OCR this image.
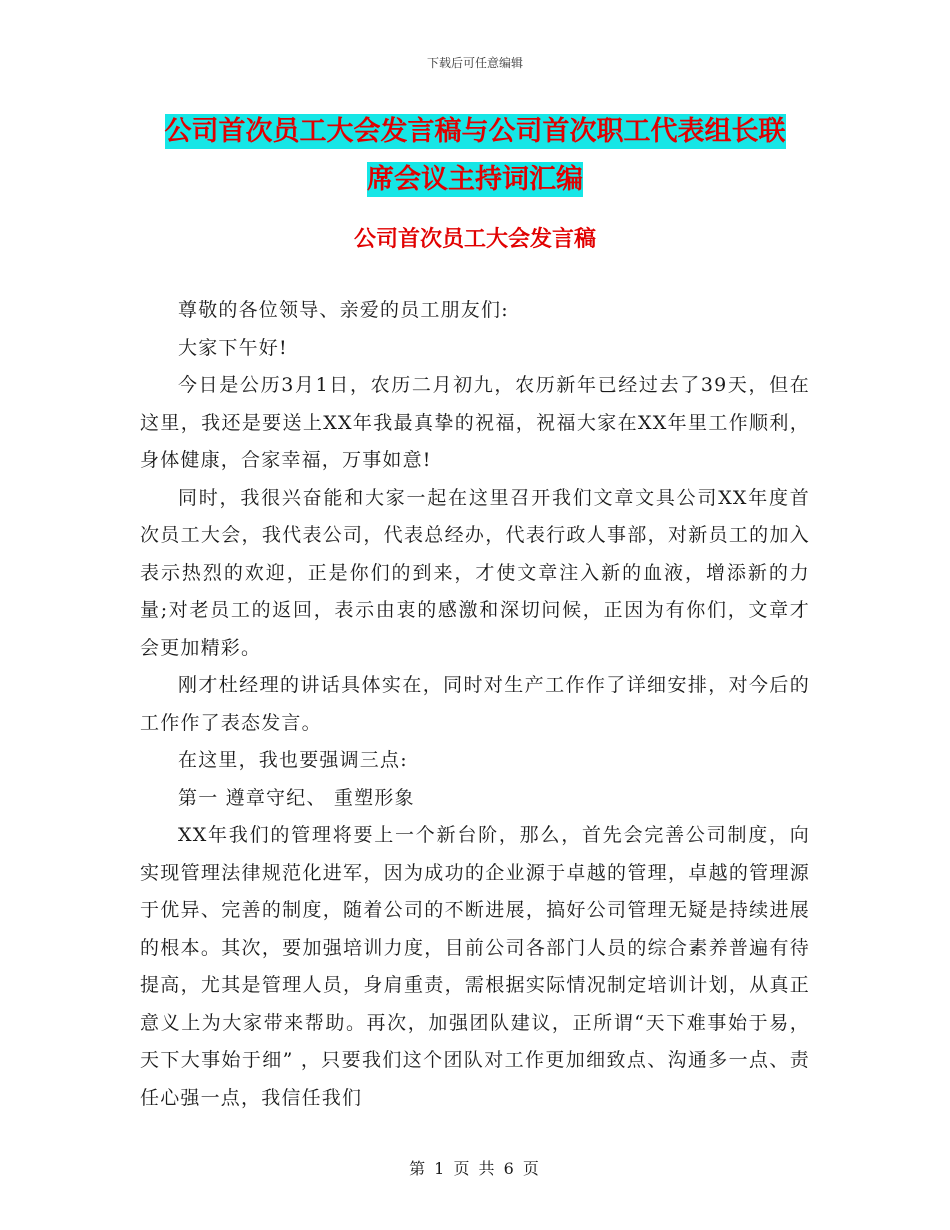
下载后可任意编辑
公司首次员工大会发言稿与公司首次职工代表组长联
席会议主持词汇编
公司首次员工大会发言稿

尊敬的各位领导、亲爱的员工朋友们:

大家下午好!

今日是公历3月1日，农历二月初九，农历新年已经过去了39天，但在这里，我还是要送上XX年我最真挚的祝福，祝福大家在XX年里工作顺利，身体健康，合家幸福，万事如意!

同时，我很兴奋能和大家一起在这里召开我们文章文具公司XX年度首次员工大会，我代表公司，代表总经办，代表行政人事部，对新员工的加入表示热烈的欢迎，正是你们的到来，才使文章注入新的血液，增添新的力量;对老员工的返回，表示由衷的感激和深切问候，正因为有你们，文章才会更加精彩。

刚才杜经理的讲话具体实在，同时对生产工作作了详细安排，对今后的工作作了表态发言。

在这里，我也要强调三点:

第一 遵章守纪、 重塑形象

XX年我们的管理将要上一个新台阶，那么，首先会完善公司制度，向实现管理法律规范化进军，因为成功的企业源于卓越的管理，卓越的管理源于优异、完善的制度，随着公司的不断进展，搞好公司管理无疑是持续进展的根本。其次，要加强培训力度，目前公司各部门人员的综合素养普遍有待提高，尤其是管理人员，身肩重责，需根据实际情况制定培训计划，从真正意义上为大家带来帮助。再次，加强团队建议，正所谓“天下难事始于易，天下大事始于细” ，只要我们这个团队对工作更加细致点、沟通多一点、责任心强一点，我信任我们

第 1 页 共 6 页
